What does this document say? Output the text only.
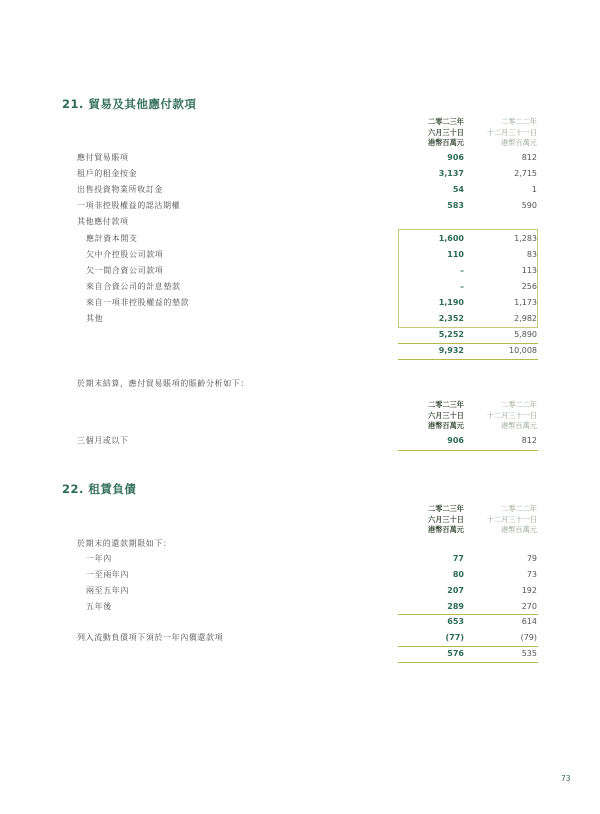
21. 貿易及其他應付款項
二零二三年
六月三十日
港幣百萬元
二零二二年
十二月三十一日
港幣百萬元
應付貿易賬項	906	812
租戶的租金按金	3,137	2,715
出售投資物業所收訂金	54	1
一項非控股權益的認沽期權	583	590
其他應付款項
應計資本開支	1,600	1,283
欠中介控股公司款項	110	83
欠一間合資公司款項	–	113
來自合資公司的計息墊款	–	256
來自一項非控股權益的墊款	1,190	1,173
其他	2,352	2,982
5,252	5,890
9,932	10,008
於期末結算，應付貿易賬項的賬齡分析如下：
二零二三年
六月三十日
港幣百萬元
二零二二年
十二月三十一日
港幣百萬元
三個月或以下	906	812
22. 租賃負債
二零二三年
六月三十日
港幣百萬元
二零二二年
十二月三十一日
港幣百萬元
於期末的還款期限如下：
一年內	77	79
一至兩年內	80	73
兩至五年內	207	192
五年後	289	270
653	614
列入流動負債項下須於一年內償還款項	(77)	(79)
576	535
73
